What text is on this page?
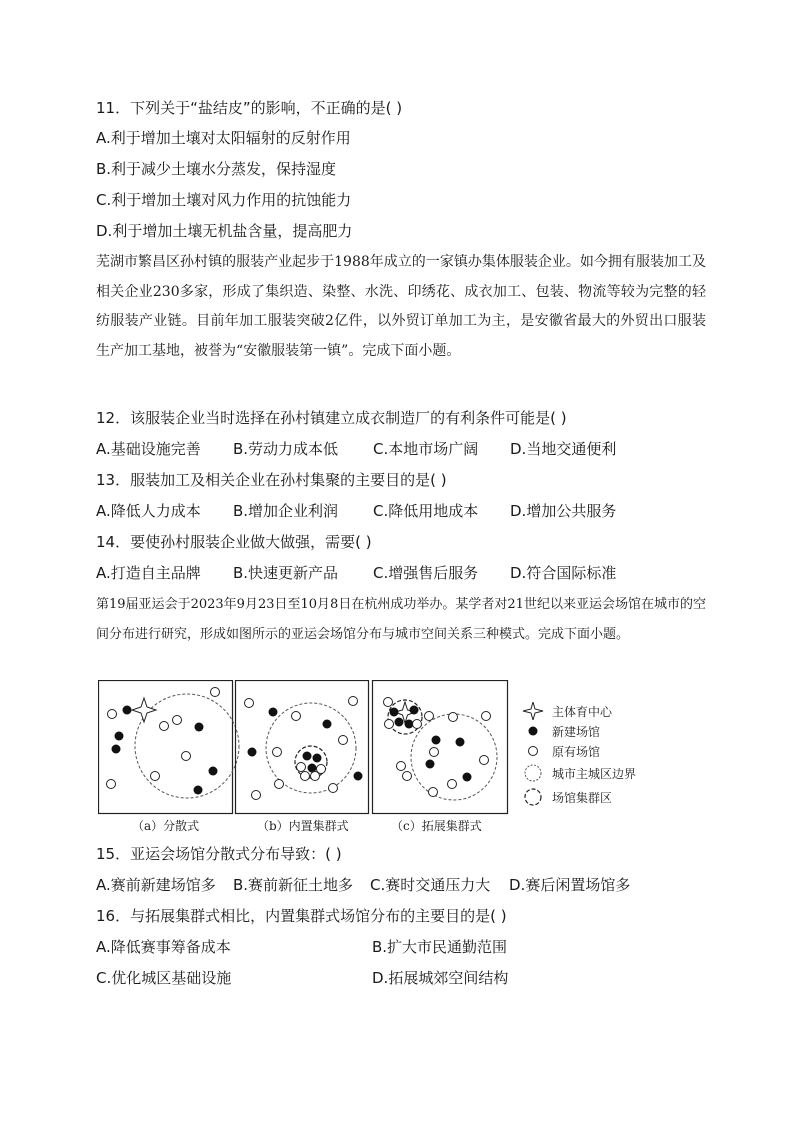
11．下列关于“盐结皮”的影响，不正确的是( )
A.利于增加土壤对太阳辐射的反射作用
B.利于减少土壤水分蒸发，保持湿度
C.利于增加土壤对风力作用的抗蚀能力
D.利于增加土壤无机盐含量，提高肥力
芜湖市繁昌区孙村镇的服装产业起步于1988年成立的一家镇办集体服装企业。如今拥有服装加工及相关企业230多家，形成了集织造、染整、水洗、印绣花、成衣加工、包装、物流等较为完整的轻纺服装产业链。目前年加工服装突破2亿件，以外贸订单加工为主，是安徽省最大的外贸出口服装生产加工基地，被誉为“安徽服装第一镇”。完成下面小题。
12．该服装企业当时选择在孙村镇建立成衣制造厂的有利条件可能是( )
A.基础设施完善 B.劳动力成本低 C.本地市场广阔 D.当地交通便利
13．服装加工及相关企业在孙村集聚的主要目的是( )
A.降低人力成本 B.增加企业利润 C.降低用地成本 D.增加公共服务
14．要使孙村服装企业做大做强，需要( )
A.打造自主品牌 B.快速更新产品 C.增强售后服务 D.符合国际标准
第19届亚运会于2023年9月23日至10月8日在杭州成功举办。某学者对21世纪以来亚运会场馆在城市的空间分布进行研究，形成如图所示的亚运会场馆分布与城市空间关系三种模式。完成下面小题。
（a）分散式	（b）内置集群式	（c）拓展集群式
主体育中心
新建场馆
原有场馆
城市主城区边界
场馆集群区
15．亚运会场馆分散式分布导致：( )
A.赛前新建场馆多 B.赛前新征土地多 C.赛时交通压力大 D.赛后闲置场馆多
16．与拓展集群式相比，内置集群式场馆分布的主要目的是( )
A.降低赛事筹备成本	B.扩大市民通勤范围
C.优化城区基础设施	D.拓展城郊空间结构
